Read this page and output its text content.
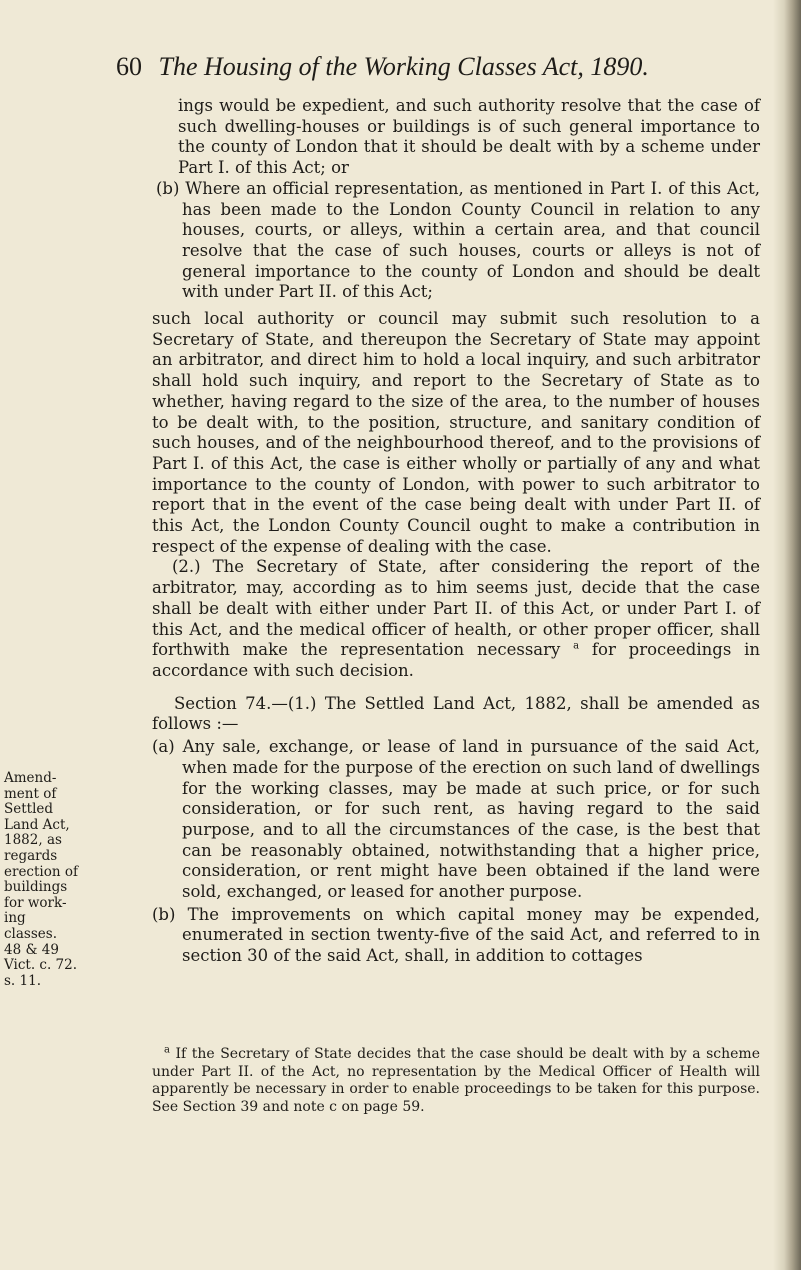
60 The Housing of the Working Classes Act, 1890.

ings would be expedient, and such authority resolve that the case of such dwelling-houses or buildings is of such general importance to the county of London that it should be dealt with by a scheme under Part I. of this Act; or

(b) Where an official representation, as mentioned in Part I. of this Act, has been made to the London County Council in relation to any houses, courts, or alleys, within a certain area, and that council resolve that the case of such houses, courts or alleys is not of general importance to the county of London and should be dealt with under Part II. of this Act;

such local authority or council may submit such resolution to a Secretary of State, and thereupon the Secretary of State may appoint an arbitrator, and direct him to hold a local inquiry, and such arbitrator shall hold such inquiry, and report to the Secretary of State as to whether, having regard to the size of the area, to the number of houses to be dealt with, to the position, structure, and sanitary condition of such houses, and of the neighbourhood thereof, and to the provisions of Part I. of this Act, the case is either wholly or partially of any and what importance to the county of London, with power to such arbitrator to report that in the event of the case being dealt with under Part II. of this Act, the London County Council ought to make a contribution in respect of the expense of dealing with the case.

(2.) The Secretary of State, after considering the report of the arbitrator, may, according as to him seems just, decide that the case shall be dealt with either under Part II. of this Act, or under Part I. of this Act, and the medical officer of health, or other proper officer, shall forthwith make the representation necessary $^a$ for proceedings in accordance with such decision.

Section 74.—(1.) The Settled Land Act, 1882, shall be amended as follows :—

(a) Any sale, exchange, or lease of land in pursuance of the said Act, when made for the purpose of the erection on such land of dwellings for the working classes, may be made at such price, or for such consideration, or for such rent, as having regard to the said purpose, and to all the circumstances of the case, is the best that can be reasonably obtained, notwithstanding that a higher price, consideration, or rent might have been obtained if the land were sold, exchanged, or leased for another purpose.

(b) The improvements on which capital money may be expended, enumerated in section twenty-five of the said Act, and referred to in section 30 of the said Act, shall, in addition to cottages

Amend-
ment of
Settled
Land Act,
1882, as
regards
erection of
buildings
for work-
ing
classes.
48 & 49
Vict. c. 72.
s. 11.

$^a$ If the Secretary of State decides that the case should be dealt with by a scheme under Part II. of the Act, no representation by the Medical Officer of Health will apparently be necessary in order to enable proceedings to be taken for this purpose. See Section 39 and note c on page 59.
